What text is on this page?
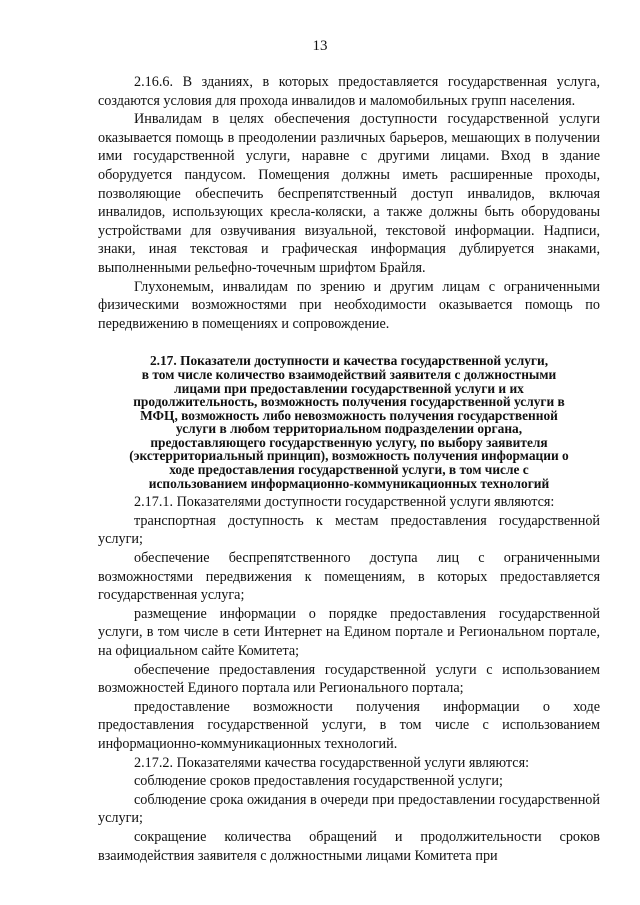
13

2.16.6. В зданиях, в которых предоставляется государственная услуга, создаются условия для прохода инвалидов и маломобильных групп населения.

Инвалидам в целях обеспечения доступности государственной услуги оказывается помощь в преодолении различных барьеров, мешающих в получении ими государственной услуги, наравне с другими лицами. Вход в здание оборудуется пандусом. Помещения должны иметь расширенные проходы, позволяющие обеспечить беспрепятственный доступ инвалидов, включая инвалидов, использующих кресла-коляски, а также должны быть оборудованы устройствами для озвучивания визуальной, текстовой информации. Надписи, знаки, иная текстовая и графическая информация дублируется знаками, выполненными рельефно-точечным шрифтом Брайля.

Глухонемым, инвалидам по зрению и другим лицам с ограниченными физическими возможностями при необходимости оказывается помощь по передвижению в помещениях и сопровождение.

2.17. Показатели доступности и качества государственной услуги,
в том числе количество взаимодействий заявителя с должностными
лицами при предоставлении государственной услуги и их
продолжительность, возможность получения государственной услуги в
МФЦ, возможность либо невозможность получения государственной
услуги в любом территориальном подразделении органа,
предоставляющего государственную услугу, по выбору заявителя
(экстерриториальный принцип), возможность получения информации о
ходе предоставления государственной услуги, в том числе с
использованием информационно-коммуникационных технологий

2.17.1. Показателями доступности государственной услуги являются:

транспортная доступность к местам предоставления государственной услуги;

обеспечение беспрепятственного доступа лиц с ограниченными возможностями передвижения к помещениям, в которых предоставляется государственная услуга;

размещение информации о порядке предоставления государственной услуги, в том числе в сети Интернет на Едином портале и Региональном портале, на официальном сайте Комитета;

обеспечение предоставления государственной услуги с использованием возможностей Единого портала или Регионального портала;

предоставление возможности получения информации о ходе предоставления государственной услуги, в том числе с использованием информационно-коммуникационных технологий.

2.17.2. Показателями качества государственной услуги являются:

соблюдение сроков предоставления государственной услуги;

соблюдение срока ожидания в очереди при предоставлении государственной услуги;

сокращение количества обращений и продолжительности сроков взаимодействия заявителя с должностными лицами Комитета при
